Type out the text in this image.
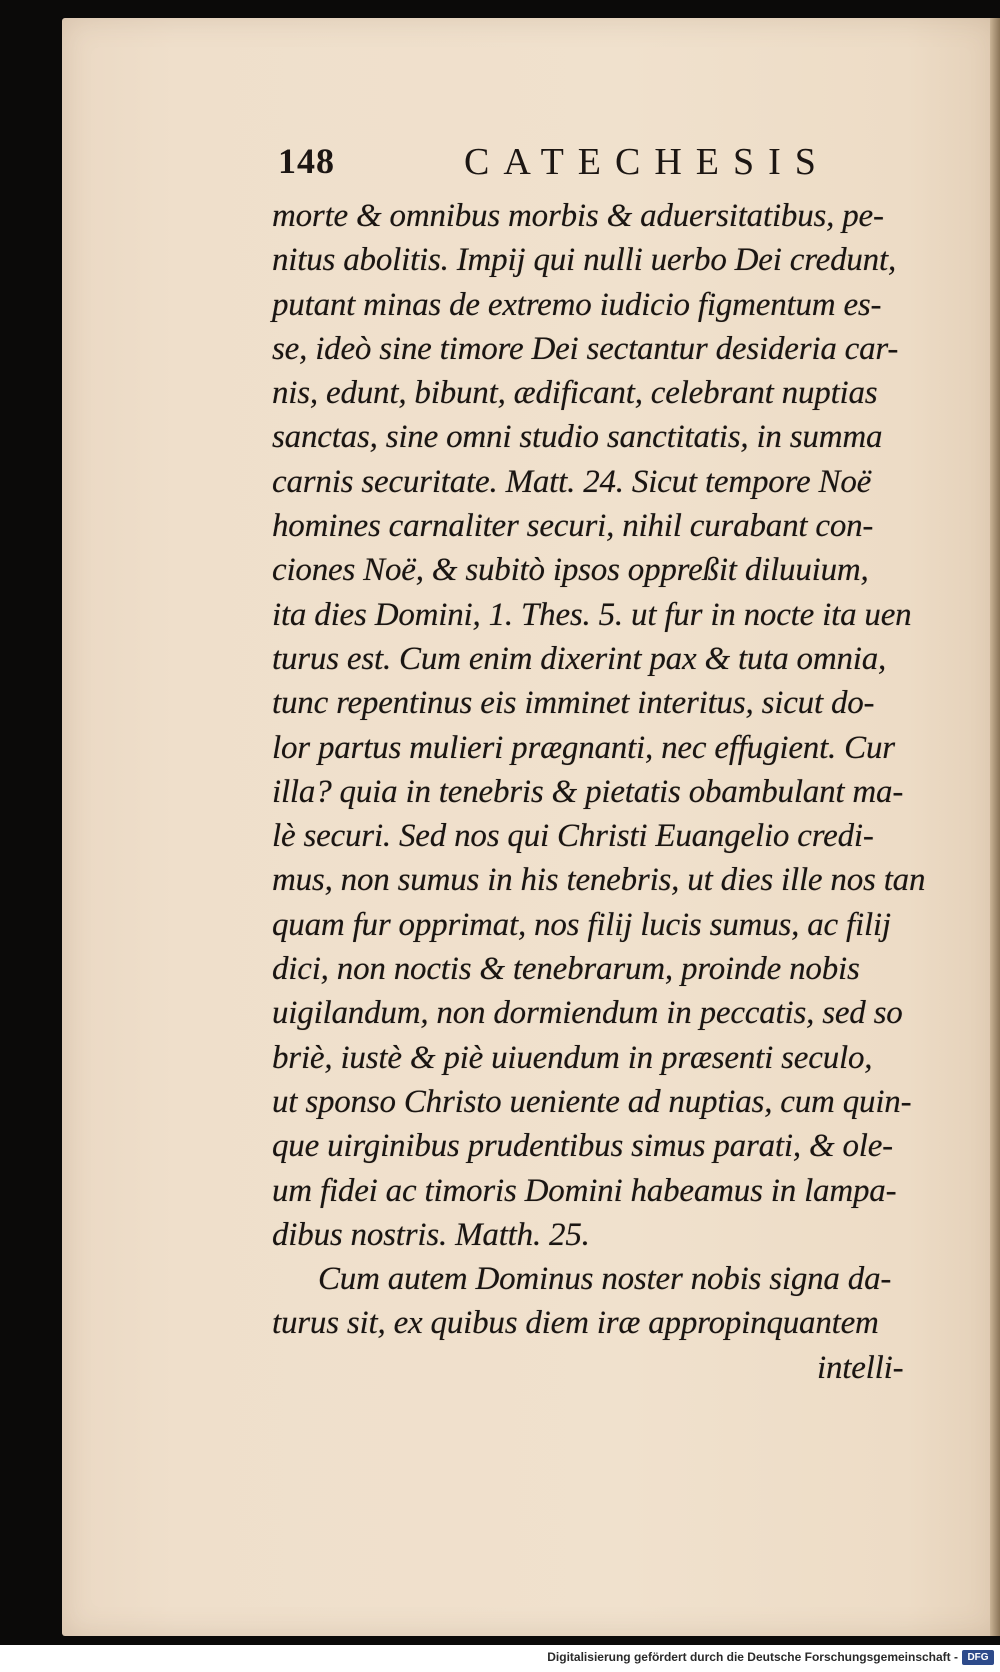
148	CATECHESIS
morte & omnibus morbis & aduersitatibus, pe-
nitus abolitis. Impij qui nulli uerbo Dei credunt,
putant minas de extremo iudicio figmentum es-
se, ideò sine timore Dei sectantur desideria car-
nis, edunt, bibunt, ædificant, celebrant nuptias
sanctas, sine omni studio sanctitatis, in summa
carnis securitate. Matt. 24. Sicut tempore Noë
homines carnaliter securi, nihil curabant con-
ciones Noë, & subitò ipsos oppreßit diluuium,
ita dies Domini, 1. Thes. 5. ut fur in nocte ita uen
turus est. Cum enim dixerint pax & tuta omnia,
tunc repentinus eis imminet interitus, sicut do-
lor partus mulieri prægnanti, nec effugient. Cur
illa? quia in tenebris & pietatis obambulant ma-
lè securi. Sed nos qui Christi Euangelio credi-
mus, non sumus in his tenebris, ut dies ille nos tan
quam fur opprimat, nos filij lucis sumus, ac filij
dici, non noctis & tenebrarum, proinde nobis
uigilandum, non dormiendum in peccatis, sed so
briè, iustè & piè uiuendum in præsenti seculo,
ut sponso Christo ueniente ad nuptias, cum quin-
que uirginibus prudentibus simus parati, & ole-
um fidei ac timoris Domini habeamus in lampa-
dibus nostris. Matth. 25.
Cum autem Dominus noster nobis signa da-
turus sit, ex quibus diem iræ appropinquantem
intelli-
Digitalisierung gefördert durch die Deutsche Forschungsgemeinschaft - DFG
